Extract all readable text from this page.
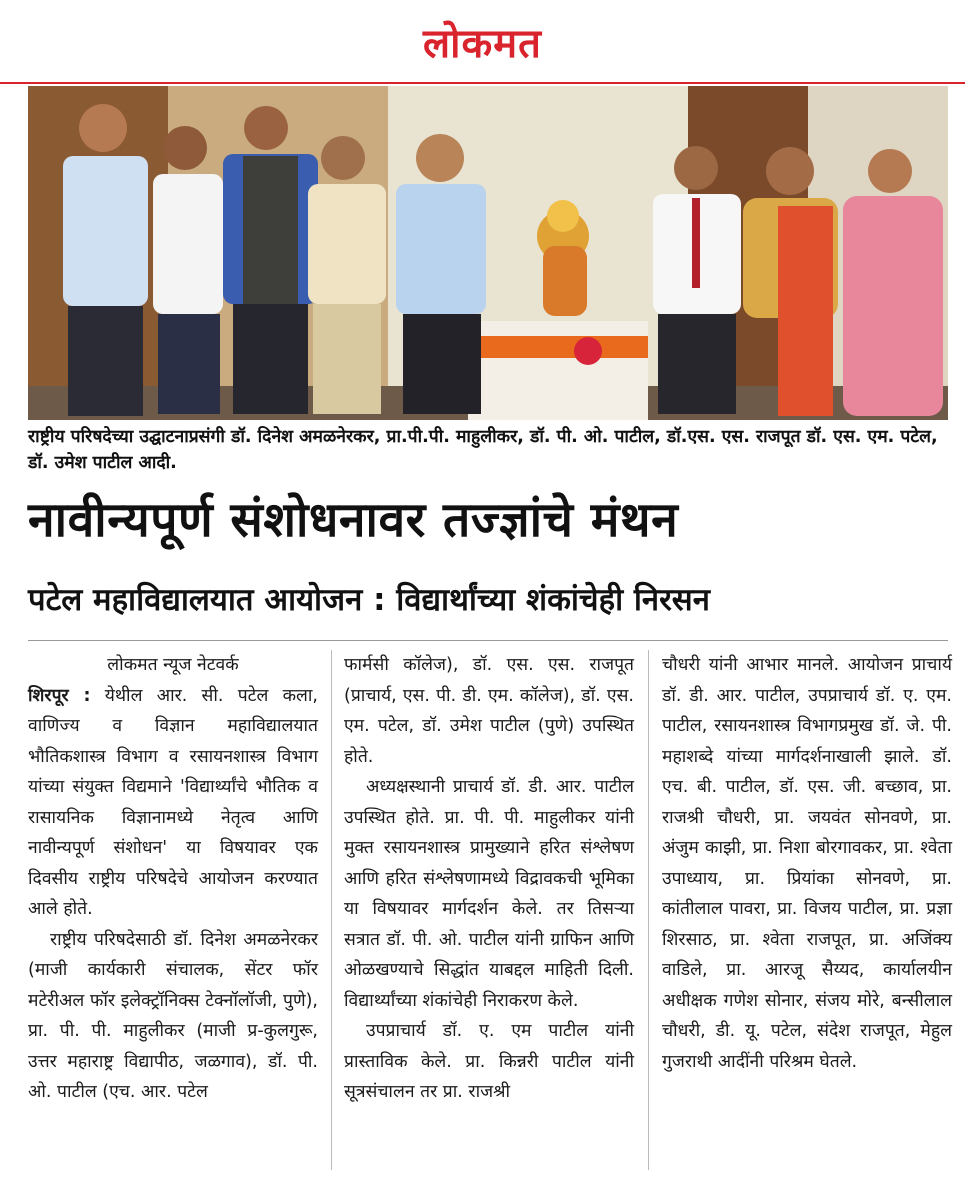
लोकमत
राष्ट्रीय परिषदेच्या उद्घाटनाप्रसंगी डॉ. दिनेश अमळनेरकर, प्रा.पी.पी. माहुलीकर, डॉ. पी. ओ. पाटील, डॉ.एस. एस. राजपूत डॉ. एस. एम. पटेल, डॉ. उमेश पाटील आदी.
नावीन्यपूर्ण संशोधनावर तज्ज्ञांचे मंथन
पटेल महाविद्यालयात आयोजन : विद्यार्थांच्या शंकांचेही निरसन
लोकमत न्यूज नेटवर्क

शिरपूर : येथील आर. सी. पटेल कला, वाणिज्य व विज्ञान महाविद्यालयात भौतिकशास्त्र विभाग व रसायनशास्त्र विभाग यांच्या संयुक्त विद्यमाने 'विद्यार्थ्यांचे भौतिक व रासायनिक विज्ञानामध्ये नेतृत्व आणि नावीन्यपूर्ण संशोधन' या विषयावर एक दिवसीय राष्ट्रीय परिषदेचे आयोजन करण्यात आले होते.

राष्ट्रीय परिषदेसाठी डॉ. दिनेश अमळनेरकर (माजी कार्यकारी संचालक, सेंटर फॉर मटेरीअल फॉर इलेक्ट्रॉनिक्स टेक्नॉलॉजी, पुणे), प्रा. पी. पी. माहुलीकर (माजी प्र-कुलगुरू, उत्तर महाराष्ट्र विद्यापीठ, जळगाव), डॉ. पी. ओ. पाटील (एच. आर. पटेल

फार्मसी कॉलेज), डॉ. एस. एस. राजपूत (प्राचार्य, एस. पी. डी. एम. कॉलेज), डॉ. एस. एम. पटेल, डॉ. उमेश पाटील (पुणे) उपस्थित होते.

अध्यक्षस्थानी प्राचार्य डॉ. डी. आर. पाटील उपस्थित होते. प्रा. पी. पी. माहुलीकर यांनी मुक्त रसायनशास्त्र प्रामुख्याने हरित संश्लेषण आणि हरित संश्लेषणामध्ये विद्रावकची भूमिका या विषयावर मार्गदर्शन केले. तर तिसऱ्या सत्रात डॉ. पी. ओ. पाटील यांनी ग्राफिन आणि ओळखण्याचे सिद्धांत याबद्दल माहिती दिली. विद्यार्थ्यांच्या शंकांचेही निराकरण केले.

उपप्राचार्य डॉ. ए. एम पाटील यांनी प्रास्ताविक केले. प्रा. किन्नरी पाटील यांनी सूत्रसंचालन तर प्रा. राजश्री

चौधरी यांनी आभार मानले. आयोजन प्राचार्य डॉ. डी. आर. पाटील, उपप्राचार्य डॉ. ए. एम. पाटील, रसायनशास्त्र विभागप्रमुख डॉ. जे. पी. महाशब्दे यांच्या मार्गदर्शनाखाली झाले. डॉ. एच. बी. पाटील, डॉ. एस. जी. बच्छाव, प्रा. राजश्री चौधरी, प्रा. जयवंत सोनवणे, प्रा. अंजुम काझी, प्रा. निशा बोरगावकर, प्रा. श्वेता उपाध्याय, प्रा. प्रियांका सोनवणे, प्रा. कांतीलाल पावरा, प्रा. विजय पाटील, प्रा. प्रज्ञा शिरसाठ, प्रा. श्वेता राजपूत, प्रा. अजिंक्य वाडिले, प्रा. आरजू सैय्यद, कार्यालयीन अधीक्षक गणेश सोनार, संजय मोरे, बन्सीलाल चौधरी, डी. यू. पटेल, संदेश राजपूत, मेहुल गुजराथी आदींनी परिश्रम घेतले.
